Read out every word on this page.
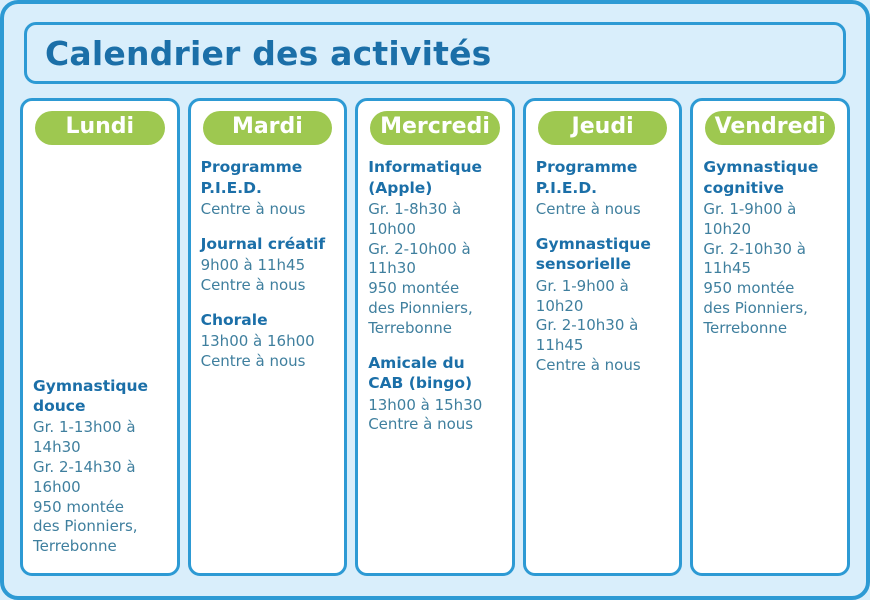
Calendrier des activités
Lundi
Gymnastique douce
Gr. 1-13h00 à 14h30
Gr. 2-14h30 à 16h00
950 montée
des Pionniers,
Terrebonne
Mardi
Programme P.I.E.D.
Centre à nous
Journal créatif
9h00 à 11h45
Centre à nous
Chorale
13h00 à 16h00
Centre à nous
Mercredi
Informatique (Apple)
Gr. 1-8h30 à 10h00
Gr. 2-10h00 à 11h30
950 montée
des Pionniers,
Terrebonne
Amicale du CAB (bingo)
13h00 à 15h30
Centre à nous
Jeudi
Programme P.I.E.D.
Centre à nous
Gymnastique sensorielle
Gr. 1-9h00 à 10h20
Gr. 2-10h30 à 11h45
Centre à nous
Vendredi
Gymnastique cognitive
Gr. 1-9h00 à 10h20
Gr. 2-10h30 à 11h45
950 montée
des Pionniers,
Terrebonne
